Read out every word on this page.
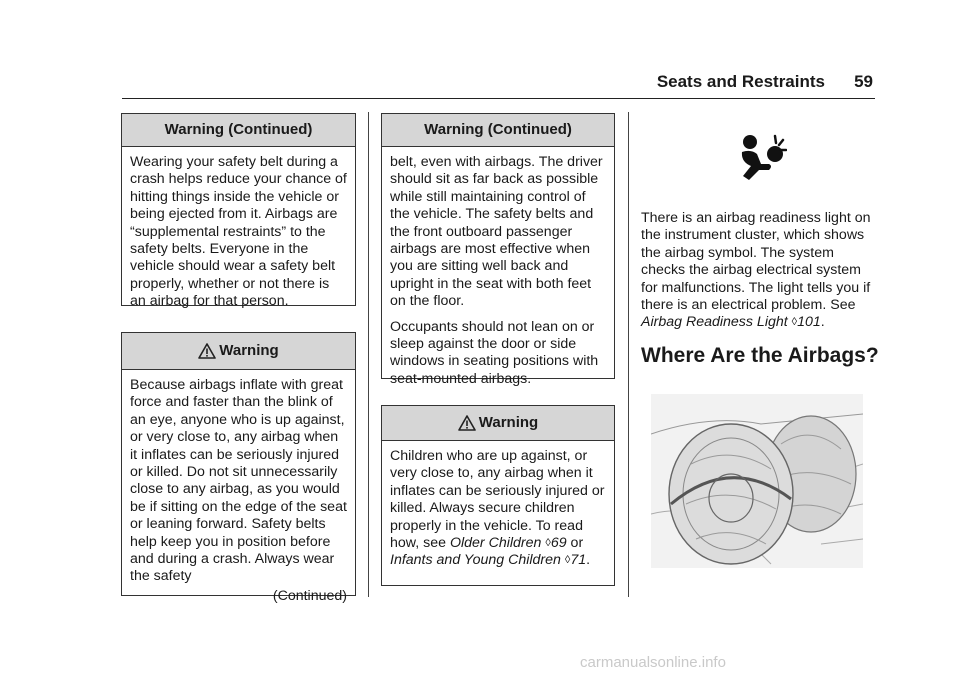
Seats and Restraints 59
Warning (Continued)

Wearing your safety belt during a crash helps reduce your chance of hitting things inside the vehicle or being ejected from it. Airbags are “supplemental restraints” to the safety belts. Everyone in the vehicle should wear a safety belt properly, whether or not there is an airbag for that person.

Warning

Because airbags inflate with great force and faster than the blink of an eye, anyone who is up against, or very close to, any airbag when it inflates can be seriously injured or killed. Do not sit unnecessarily close to any airbag, as you would be if sitting on the edge of the seat or leaning forward. Safety belts help keep you in position before and during a crash. Always wear the safety

(Continued)
Warning (Continued)

belt, even with airbags. The driver should sit as far back as possible while still maintaining control of the vehicle. The safety belts and the front outboard passenger airbags are most effective when you are sitting well back and upright in the seat with both feet on the floor.

Occupants should not lean on or sleep against the door or side windows in seating positions with seat-mounted airbags.

Warning

Children who are up against, or very close to, any airbag when it inflates can be seriously injured or killed. Always secure children properly in the vehicle. To read how, see Older Children ◊69 or Infants and Young Children ◊71.

There is an airbag readiness light on the instrument cluster, which shows the airbag symbol. The system checks the airbag electrical system for malfunctions. The light tells you if there is an electrical problem. See Airbag Readiness Light ◊101.

Where Are the Airbags?
carmanualsonline.info
